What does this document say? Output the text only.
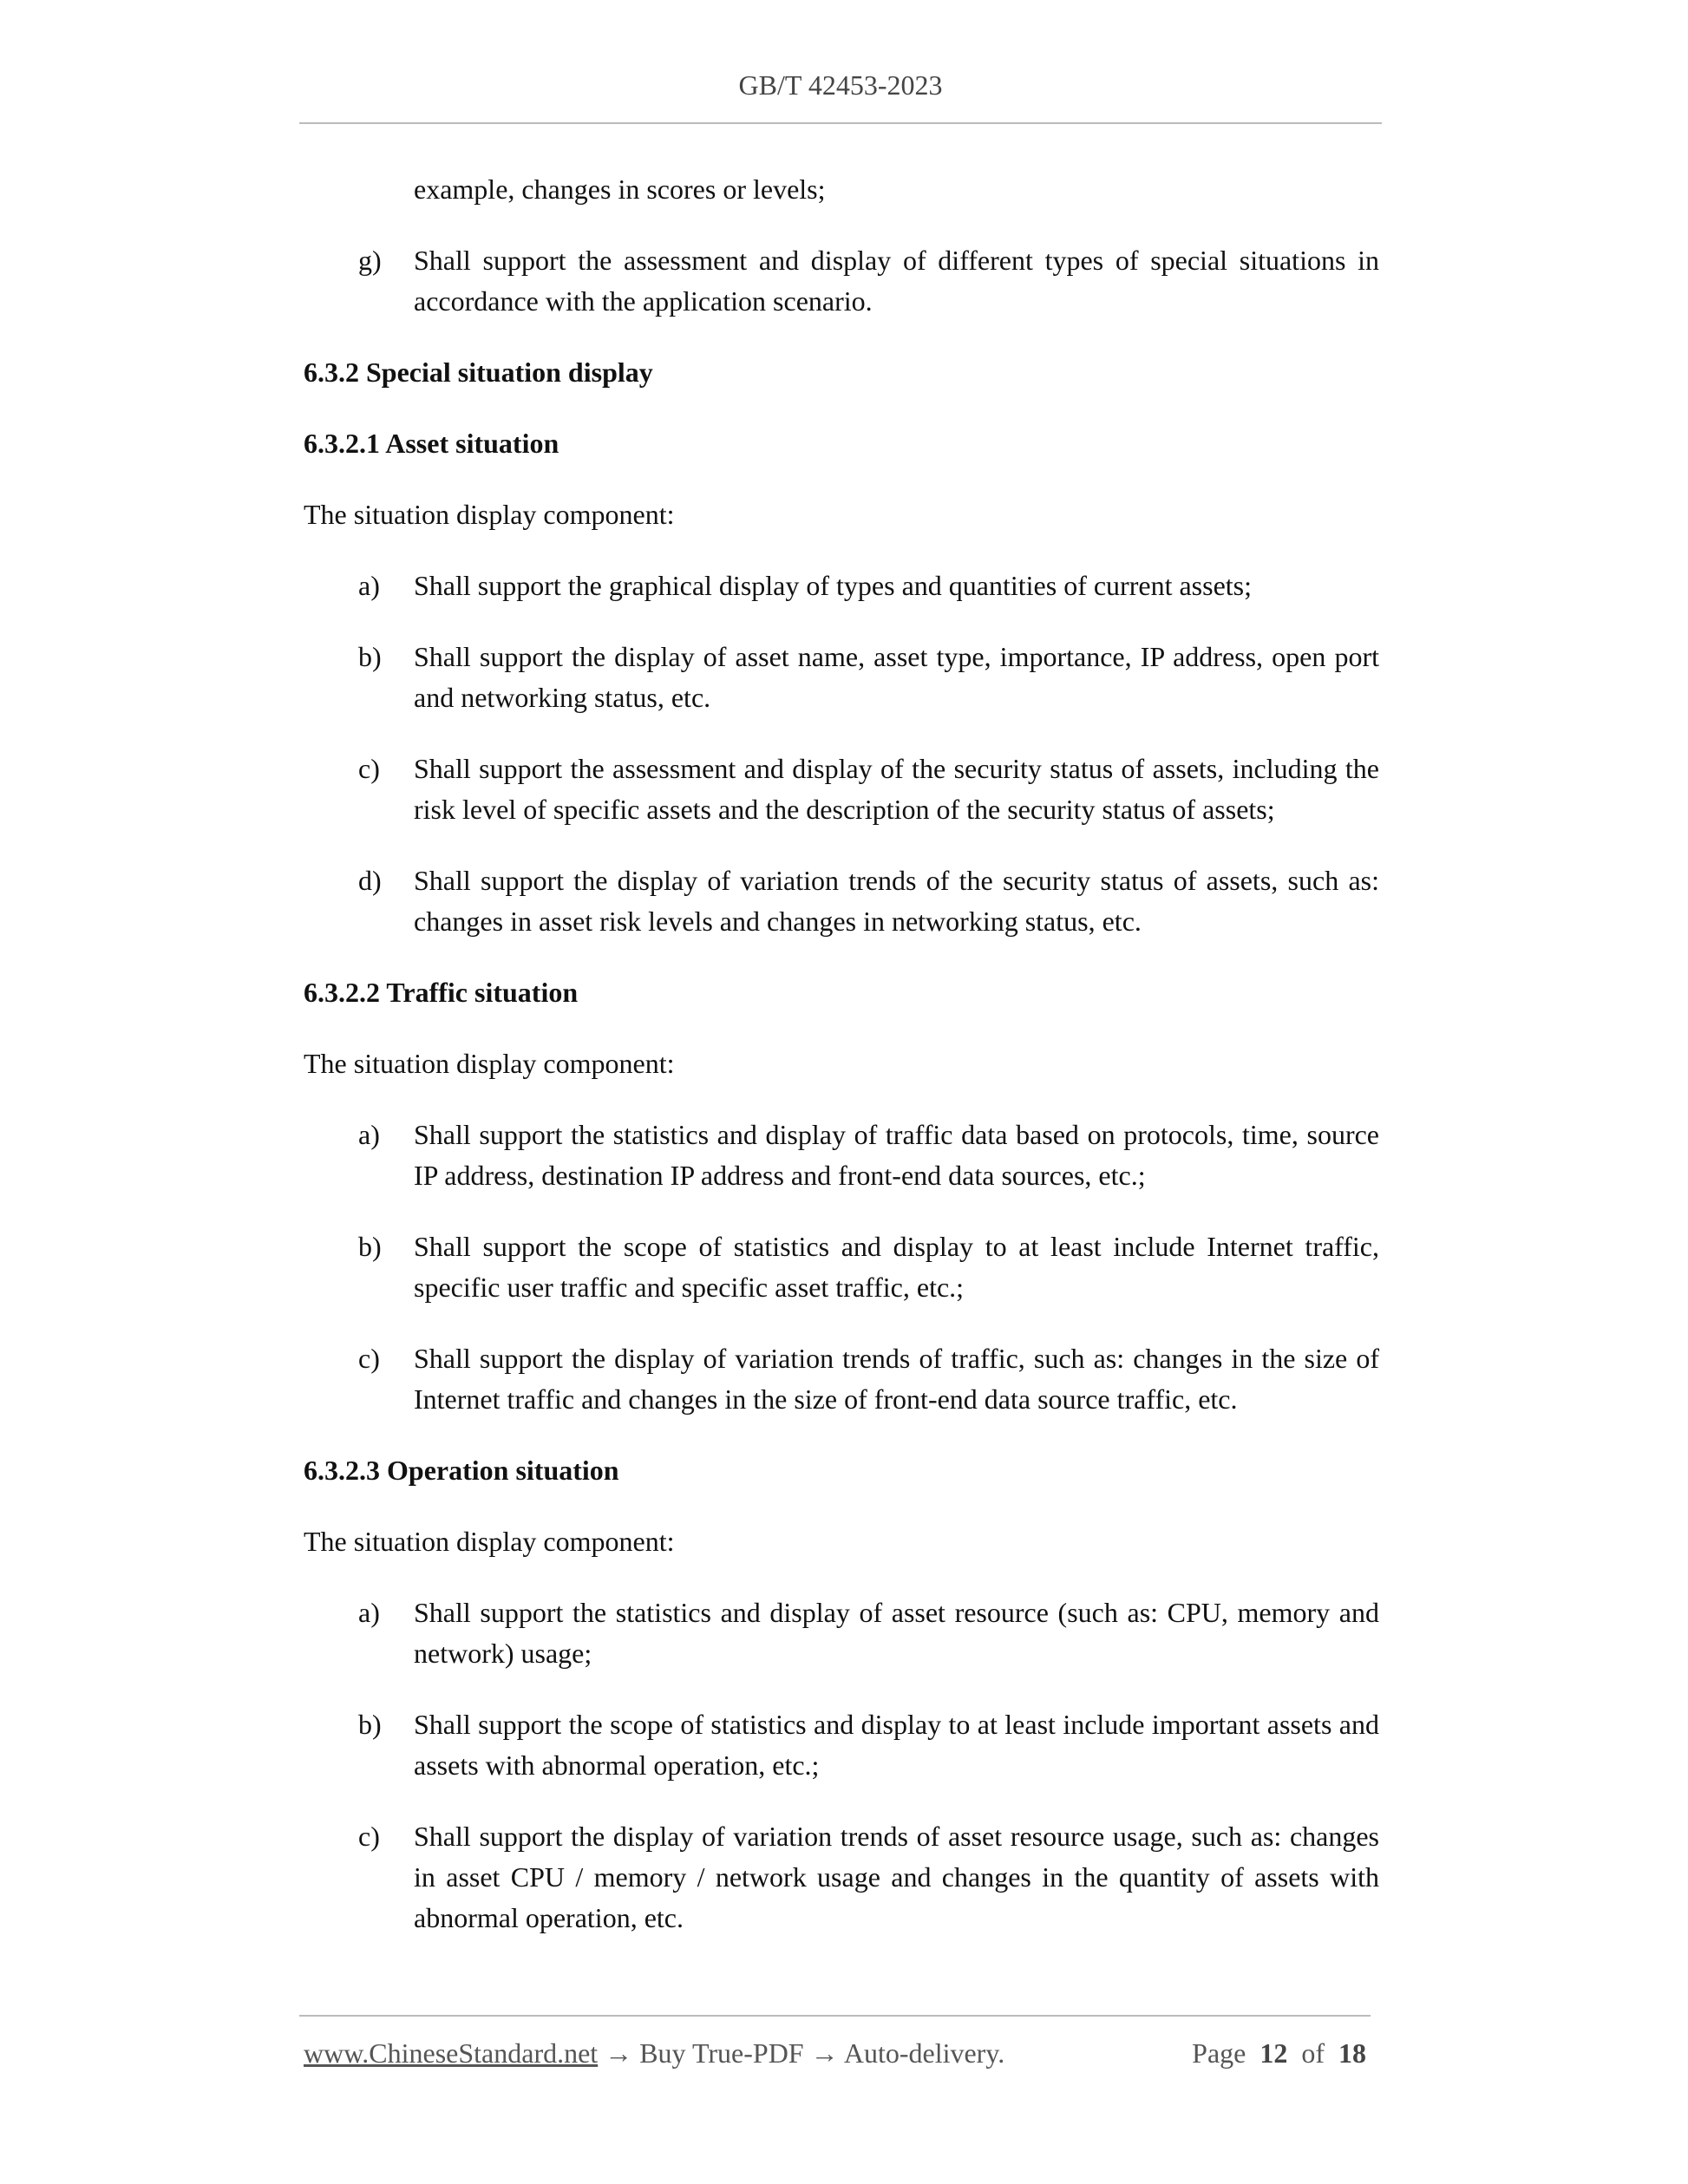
GB/T 42453-2023
example, changes in scores or levels;
g) Shall support the assessment and display of different types of special situations in accordance with the application scenario.
6.3.2 Special situation display
6.3.2.1 Asset situation
The situation display component:
a) Shall support the graphical display of types and quantities of current assets;
b) Shall support the display of asset name, asset type, importance, IP address, open port and networking status, etc.
c) Shall support the assessment and display of the security status of assets, including the risk level of specific assets and the description of the security status of assets;
d) Shall support the display of variation trends of the security status of assets, such as: changes in asset risk levels and changes in networking status, etc.
6.3.2.2 Traffic situation
The situation display component:
a) Shall support the statistics and display of traffic data based on protocols, time, source IP address, destination IP address and front-end data sources, etc.;
b) Shall support the scope of statistics and display to at least include Internet traffic, specific user traffic and specific asset traffic, etc.;
c) Shall support the display of variation trends of traffic, such as: changes in the size of Internet traffic and changes in the size of front-end data source traffic, etc.
6.3.2.3 Operation situation
The situation display component:
a) Shall support the statistics and display of asset resource (such as: CPU, memory and network) usage;
b) Shall support the scope of statistics and display to at least include important assets and assets with abnormal operation, etc.;
c) Shall support the display of variation trends of asset resource usage, such as: changes in asset CPU / memory / network usage and changes in the quantity of assets with abnormal operation, etc.
www.ChineseStandard.net → Buy True-PDF → Auto-delivery.	Page 12 of 18
